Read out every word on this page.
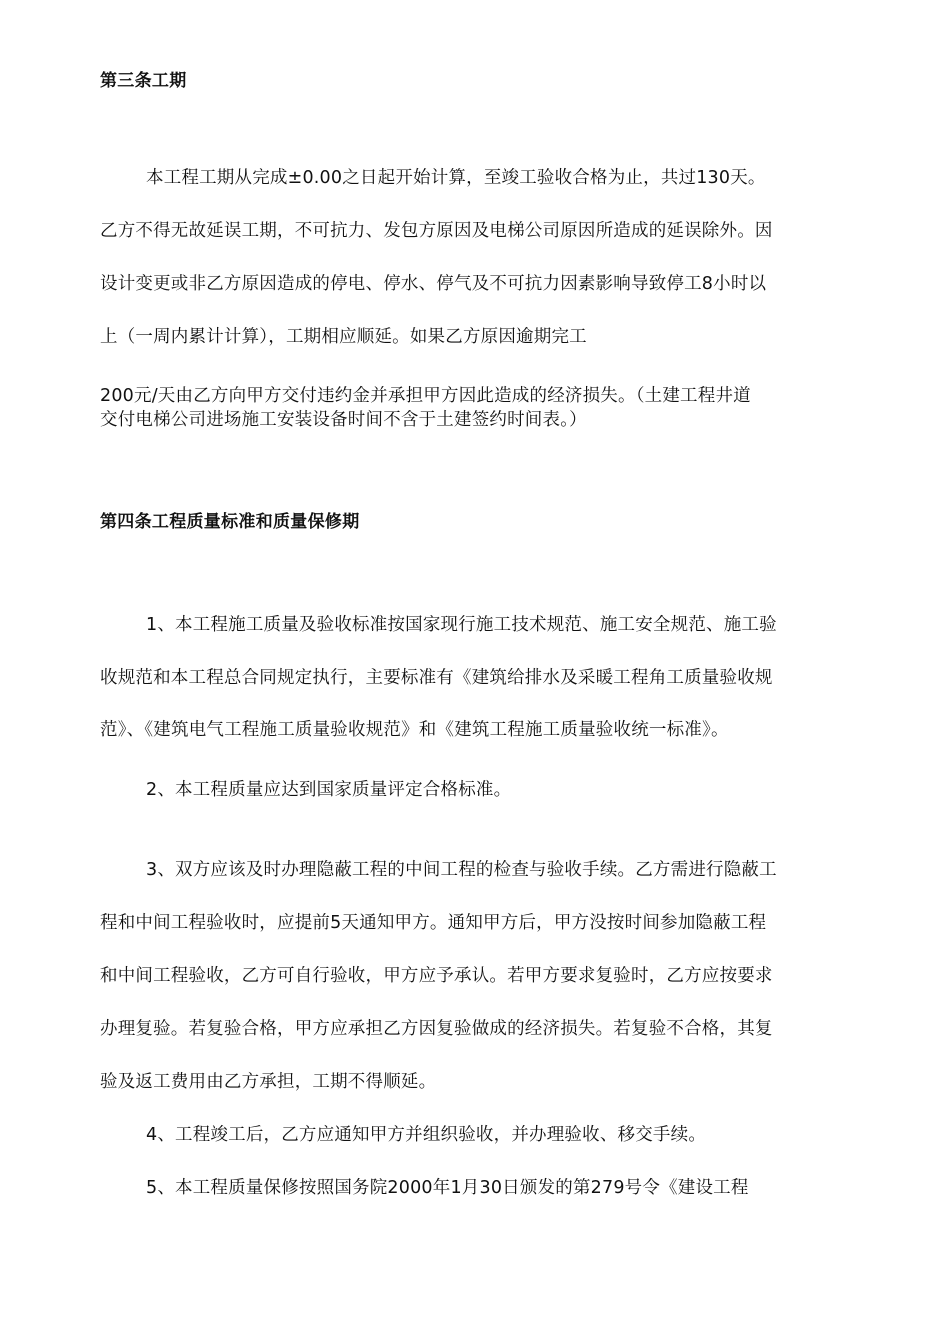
第三条工期
本工程工期从完成±0.00之日起开始计算，至竣工验收合格为止，共过130天。
乙方不得无故延误工期，不可抗力、发包方原因及电梯公司原因所造成的延误除外。因
设计变更或非乙方原因造成的停电、停水、停气及不可抗力因素影响导致停工8小时以
上（一周内累计计算），工期相应顺延。如果乙方原因逾期完工
200元/天由乙方向甲方交付违约金并承担甲方因此造成的经济损失。（土建工程井道
交付电梯公司进场施工安装设备时间不含于土建签约时间表。）
第四条工程质量标准和质量保修期
1、本工程施工质量及验收标准按国家现行施工技术规范、施工安全规范、施工验
收规范和本工程总合同规定执行，主要标准有《建筑给排水及采暖工程角工质量验收规
范》、《建筑电气工程施工质量验收规范》和《建筑工程施工质量验收统一标准》。
2、本工程质量应达到国家质量评定合格标准。
3、双方应该及时办理隐蔽工程的中间工程的检查与验收手续。乙方需进行隐蔽工
程和中间工程验收时，应提前5天通知甲方。通知甲方后，甲方没按时间参加隐蔽工程
和中间工程验收，乙方可自行验收，甲方应予承认。若甲方要求复验时，乙方应按要求
办理复验。若复验合格，甲方应承担乙方因复验做成的经济损失。若复验不合格，其复
验及返工费用由乙方承担，工期不得顺延。
4、工程竣工后，乙方应通知甲方并组织验收，并办理验收、移交手续。
5、本工程质量保修按照国务院2000年1月30日颁发的第279号令《建设工程
